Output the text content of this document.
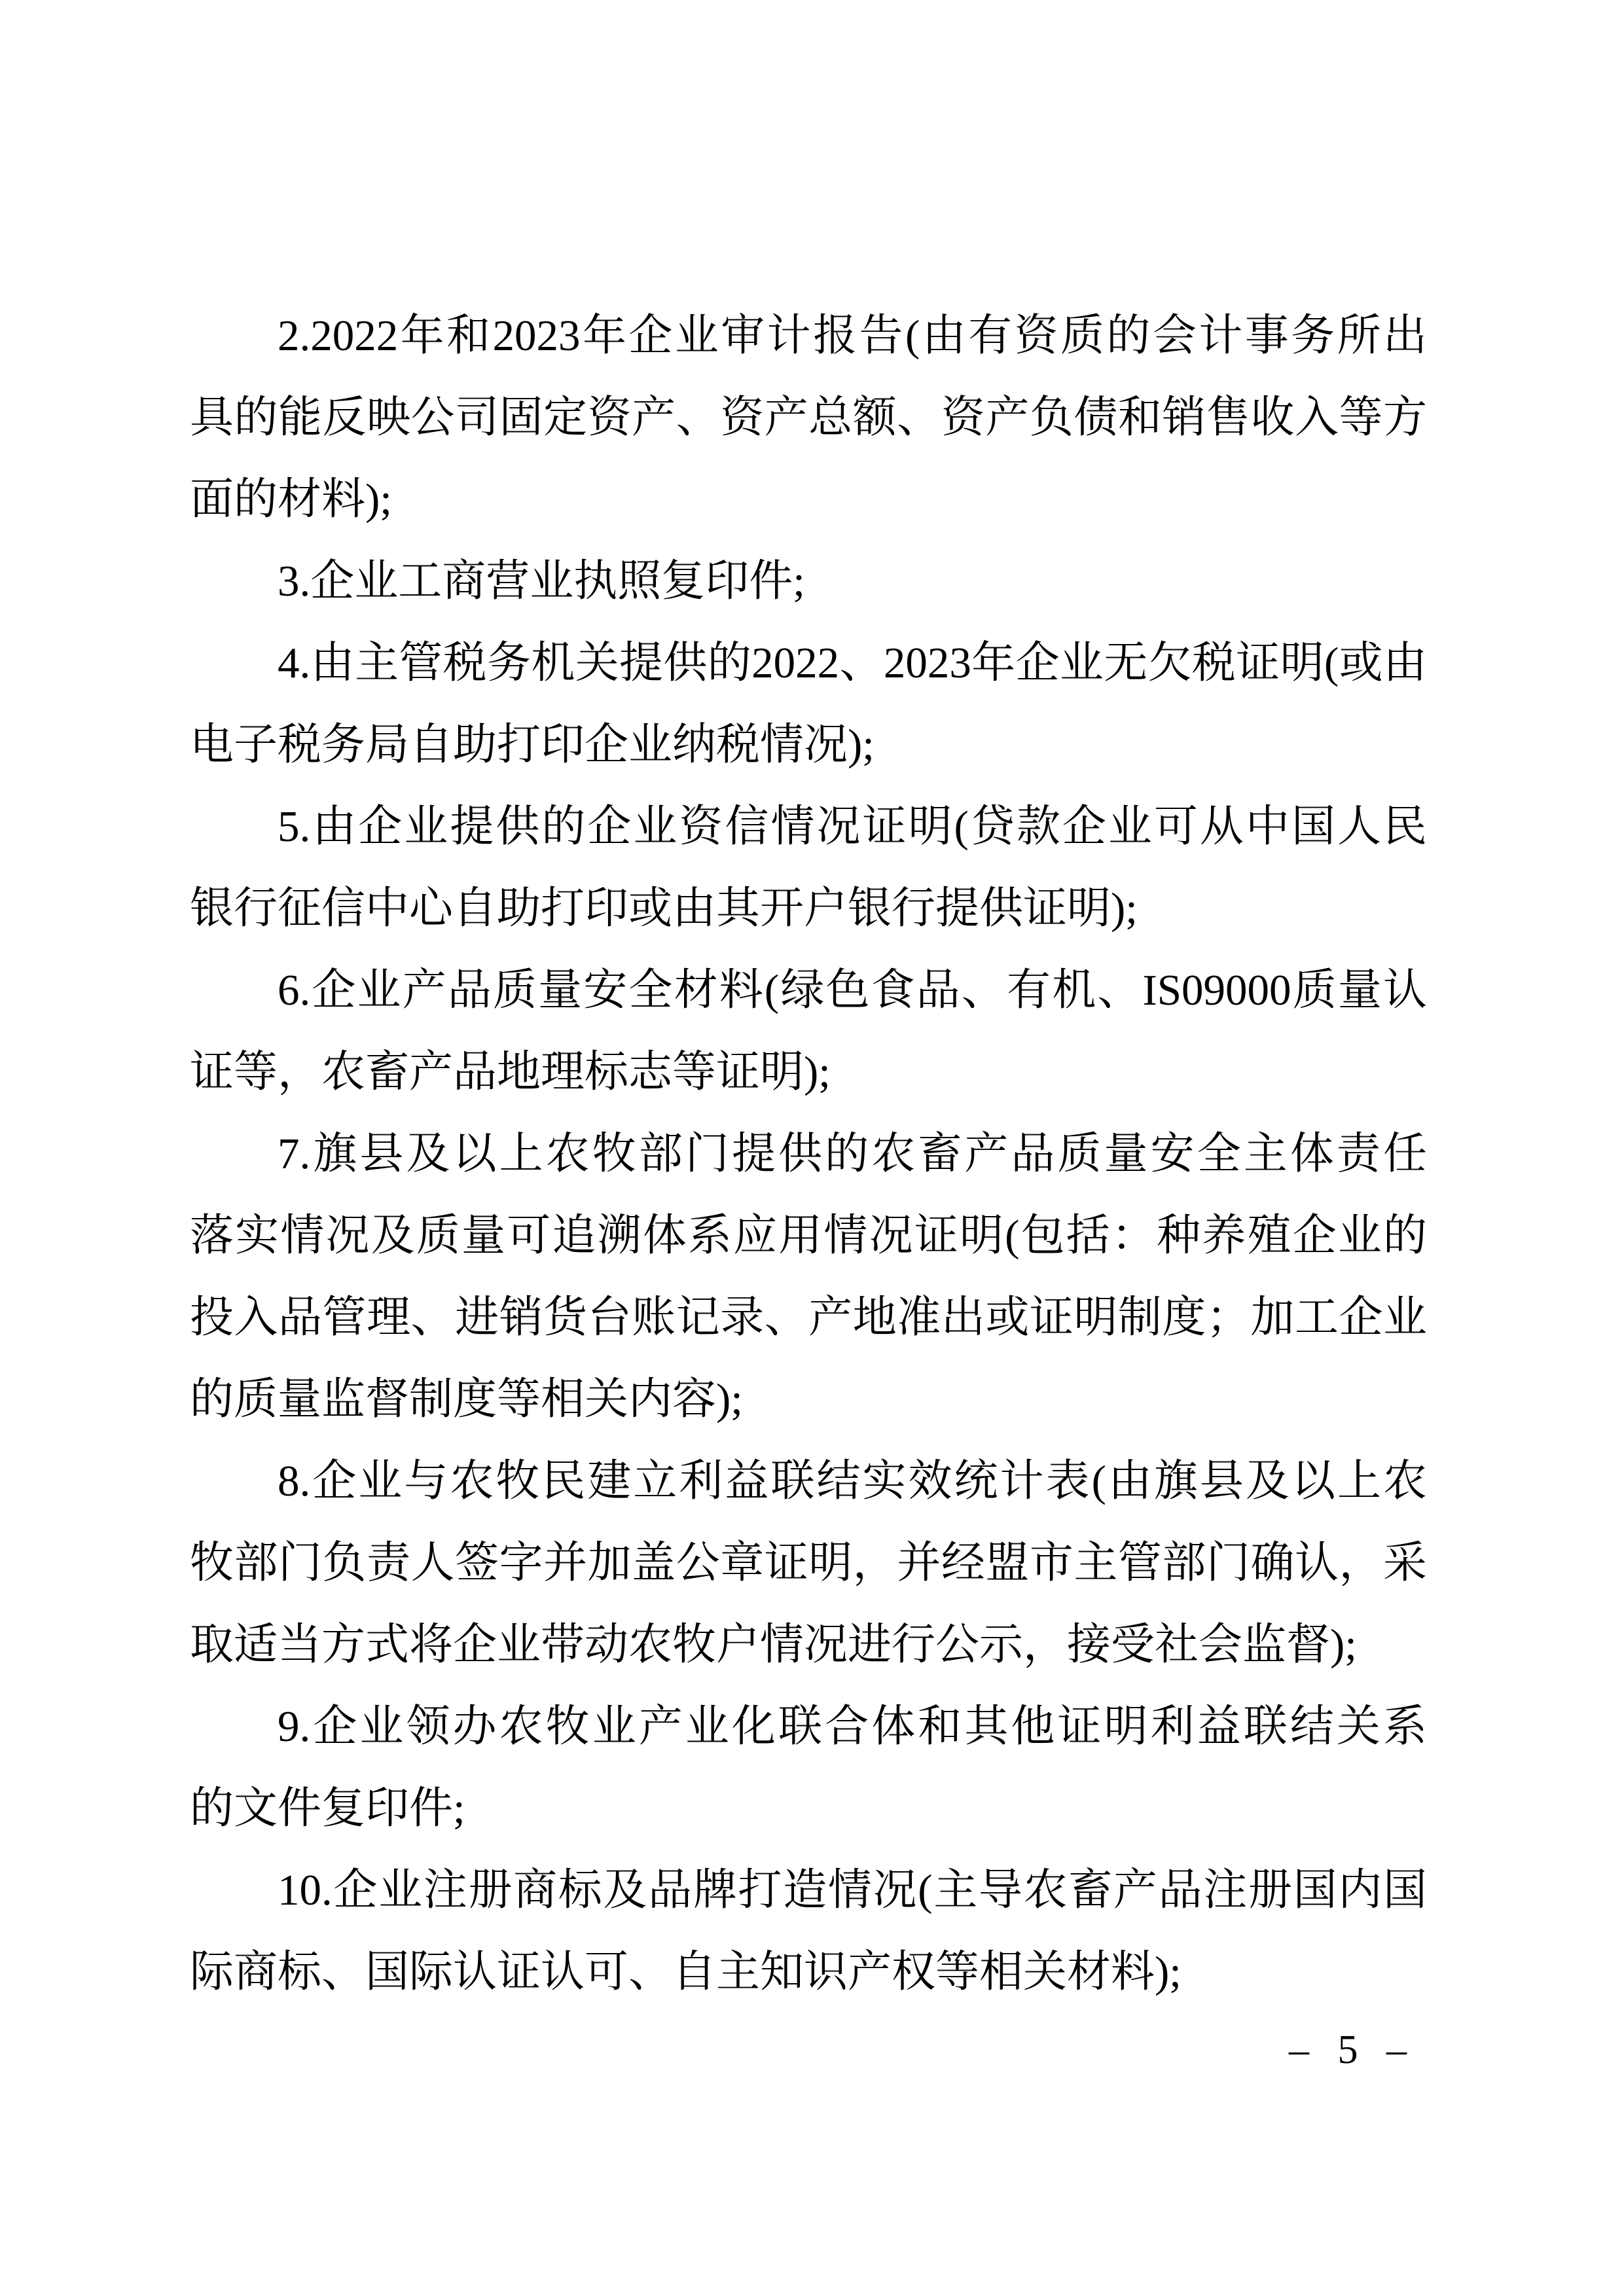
2.2022年和2023年企业审计报告(由有资质的会计事务所出
具的能反映公司固定资产、资产总额、资产负债和销售收入等方
面的材料);
3.企业工商营业执照复印件;
4.由主管税务机关提供的2022、2023年企业无欠税证明(或由
电子税务局自助打印企业纳税情况);
5.由企业提供的企业资信情况证明(贷款企业可从中国人民
银行征信中心自助打印或由其开户银行提供证明);
6.企业产品质量安全材料(绿色食品、有机、IS09000质量认
证等，农畜产品地理标志等证明);
7.旗县及以上农牧部门提供的农畜产品质量安全主体责任
落实情况及质量可追溯体系应用情况证明(包括：种养殖企业的
投入品管理、进销货台账记录、产地准出或证明制度；加工企业
的质量监督制度等相关内容);
8.企业与农牧民建立利益联结实效统计表(由旗县及以上农
牧部门负责人签字并加盖公章证明，并经盟市主管部门确认，采
取适当方式将企业带动农牧户情况进行公示，接受社会监督);
9.企业领办农牧业产业化联合体和其他证明利益联结关系
的文件复印件;
10.企业注册商标及品牌打造情况(主导农畜产品注册国内国
际商标、国际认证认可、自主知识产权等相关材料);
– 5 –
